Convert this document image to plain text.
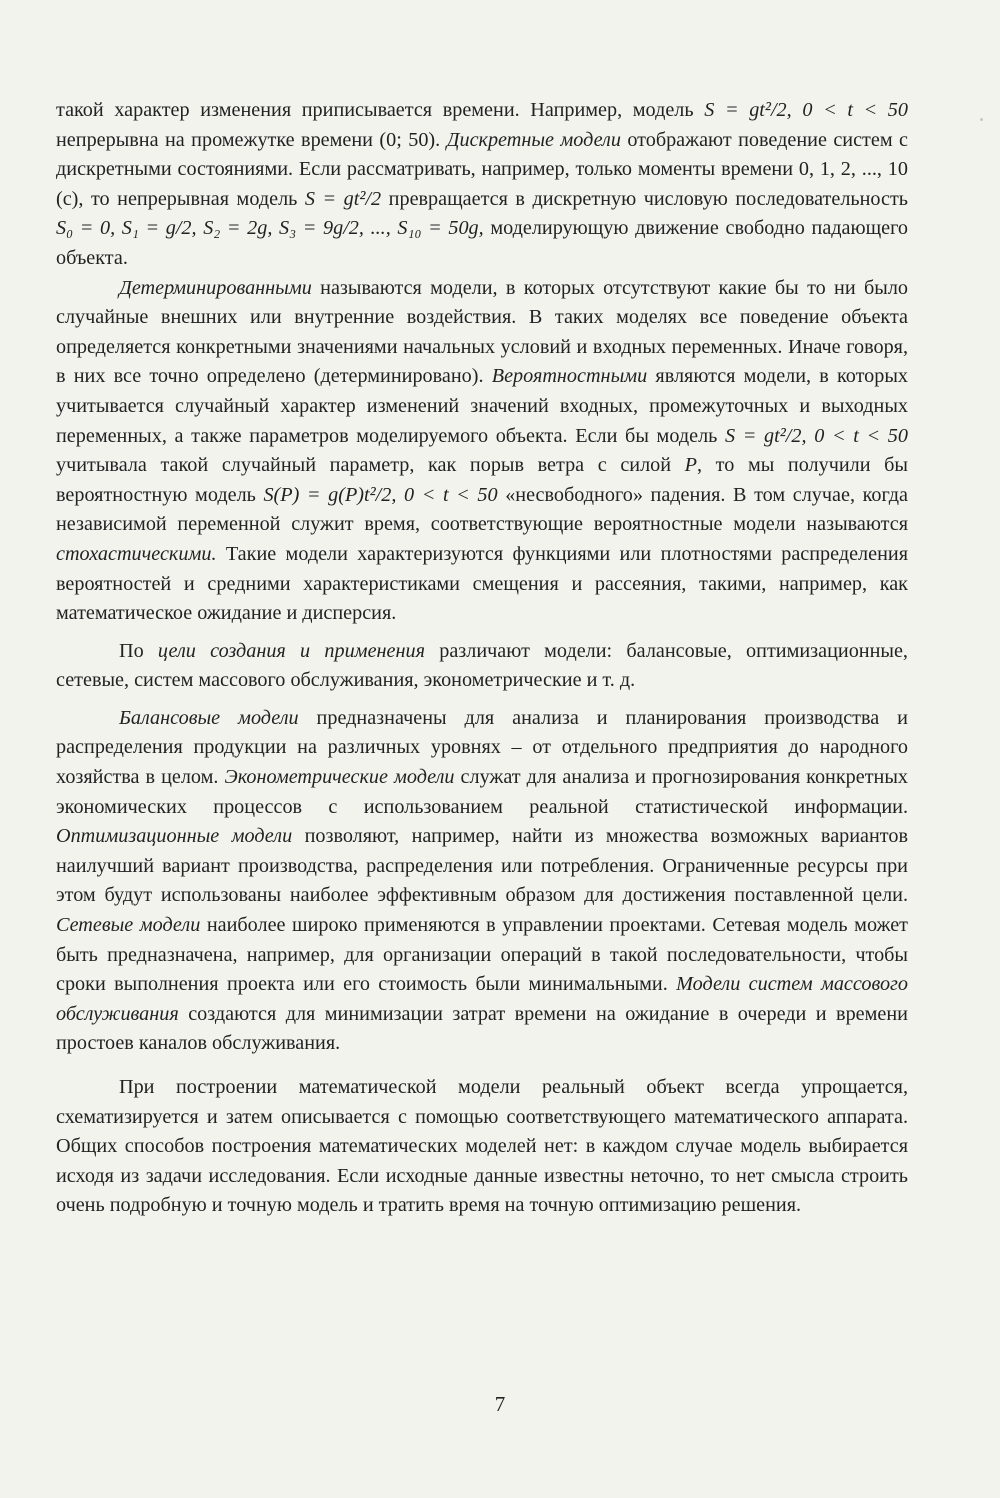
такой характер изменения приписывается времени. Например, модель S = gt²/2, 0 < t < 50 непрерывна на промежутке времени (0; 50). Дискретные модели отображают поведение систем с дискретными состояниями. Если рассматривать, например, только моменты времени 0, 1, 2, ..., 10 (с), то непрерывная модель S = gt²/2 превращается в дискретную числовую последовательность S₀ = 0, S₁ = g/2, S₂ = 2g, S₃ = 9g/2, ..., S₁₀ = 50g, моделирующую движение свободно падающего объекта.

Детерминированными называются модели, в которых отсутствуют какие бы то ни было случайные внешних или внутренние воздействия. В таких моделях все поведение объекта определяется конкретными значениями начальных условий и входных переменных. Иначе говоря, в них все точно определено (детерминировано). Вероятностными являются модели, в которых учитывается случайный характер изменений значений входных, промежуточных и выходных переменных, а также параметров моделируемого объекта. Если бы модель S = gt²/2, 0 < t < 50 учитывала такой случайный параметр, как порыв ветра с силой P, то мы получили бы вероятностную модель S(P) = g(P)t²/2, 0 < t < 50 «несвободного» падения. В том случае, когда независимой переменной служит время, соответствующие вероятностные модели называются стохастическими. Такие модели характеризуются функциями или плотностями распределения вероятностей и средними характеристиками смещения и рассеяния, такими, например, как математическое ожидание и дисперсия.

По цели создания и применения различают модели: балансовые, оптимизационные, сетевые, систем массового обслуживания, эконометрические и т. д.

Балансовые модели предназначены для анализа и планирования производства и распределения продукции на различных уровнях – от отдельного предприятия до народного хозяйства в целом. Эконометрические модели служат для анализа и прогнозирования конкретных экономических процессов с использованием реальной статистической информации. Оптимизационные модели позволяют, например, найти из множества возможных вариантов наилучший вариант производства, распределения или потребления. Ограниченные ресурсы при этом будут использованы наиболее эффективным образом для достижения поставленной цели. Сетевые модели наиболее широко применяются в управлении проектами. Сетевая модель может быть предназначена, например, для организации операций в такой последовательности, чтобы сроки выполнения проекта или его стоимость были минимальными. Модели систем массового обслуживания создаются для минимизации затрат времени на ожидание в очереди и времени простоев каналов обслуживания.

При построении математической модели реальный объект всегда упрощается, схематизируется и затем описывается с помощью соответствующего математического аппарата. Общих способов построения математических моделей нет: в каждом случае модель выбирается исходя из задачи исследования. Если исходные данные известны неточно, то нет смысла строить очень подробную и точную модель и тратить время на точную оптимизацию решения.

7
